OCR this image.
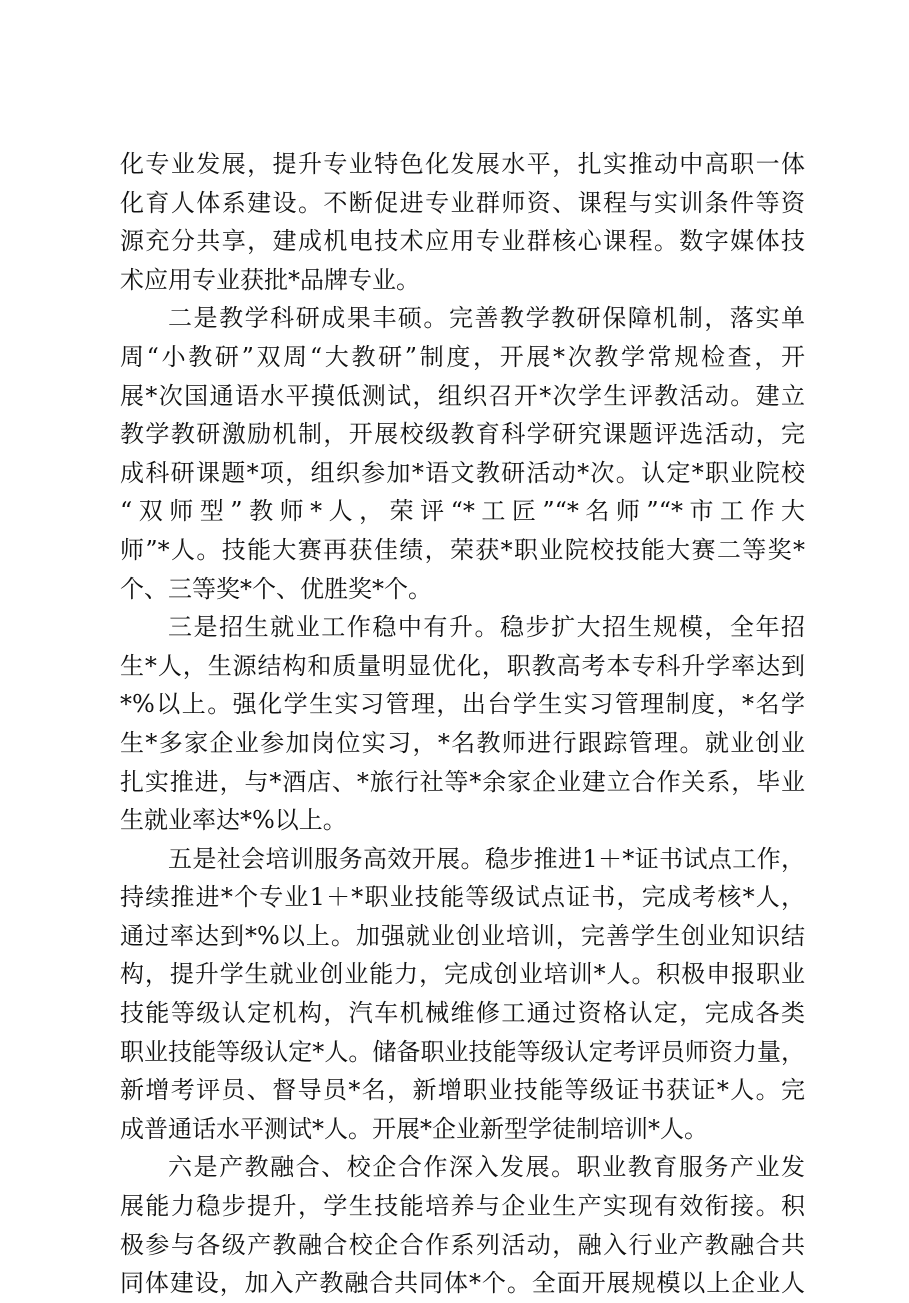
化专业发展，提升专业特色化发展水平，扎实推动中高职一体
化育人体系建设。不断促进专业群师资、课程与实训条件等资
源充分共享，建成机电技术应用专业群核心课程。数字媒体技
术应用专业获批*品牌专业。
二是教学科研成果丰硕。完善教学教研保障机制，落实单
周“小教研”双周“大教研”制度，开展*次教学常规检查，开
展*次国通语水平摸低测试，组织召开*次学生评教活动。建立
教学教研激励机制，开展校级教育科学研究课题评选活动，完
成科研课题*项，组织参加*语文教研活动*次。认定*职业院校
“双师型”教师*人，荣评“*工匠”“*名师”“*市工作大
师”*人。技能大赛再获佳绩，荣获*职业院校技能大赛二等奖*
个、三等奖*个、优胜奖*个。
三是招生就业工作稳中有升。稳步扩大招生规模，全年招
生*人，生源结构和质量明显优化，职教高考本专科升学率达到
*%以上。强化学生实习管理，出台学生实习管理制度，*名学
生*多家企业参加岗位实习，*名教师进行跟踪管理。就业创业
扎实推进，与*酒店、*旅行社等*余家企业建立合作关系，毕业
生就业率达*%以上。
五是社会培训服务高效开展。稳步推进1＋*证书试点工作，
持续推进*个专业1＋*职业技能等级试点证书，完成考核*人，
通过率达到*%以上。加强就业创业培训，完善学生创业知识结
构，提升学生就业创业能力，完成创业培训*人。积极申报职业
技能等级认定机构，汽车机械维修工通过资格认定，完成各类
职业技能等级认定*人。储备职业技能等级认定考评员师资力量，
新增考评员、督导员*名，新增职业技能等级证书获证*人。完
成普通话水平测试*人。开展*企业新型学徒制培训*人。
六是产教融合、校企合作深入发展。职业教育服务产业发
展能力稳步提升，学生技能培养与企业生产实现有效衔接。积
极参与各级产教融合校企合作系列活动，融入行业产教融合共
同体建设，加入产教融合共同体*个。全面开展规模以上企业人
